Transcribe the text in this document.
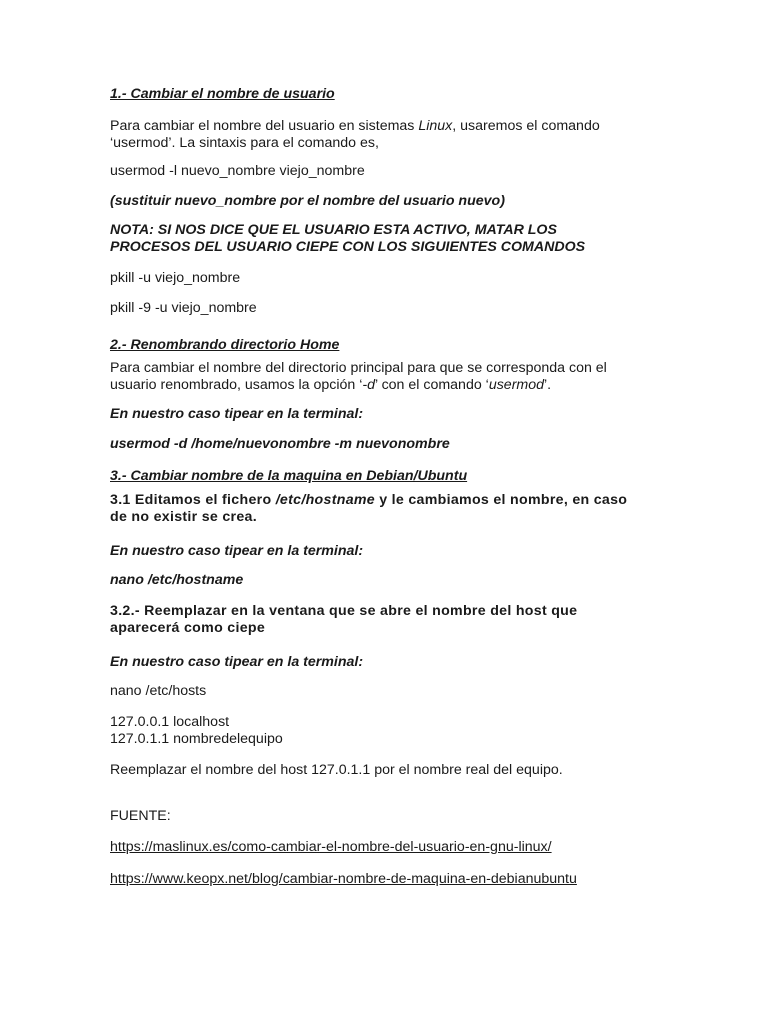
1.- Cambiar el nombre de usuario

Para cambiar el nombre del usuario en sistemas Linux, usaremos el comando
‘usermod’. La sintaxis para el comando es,

usermod -l nuevo_nombre viejo_nombre

(sustituir nuevo_nombre por el nombre del usuario nuevo)

NOTA: SI NOS DICE QUE EL USUARIO ESTA ACTIVO, MATAR LOS
PROCESOS DEL USUARIO CIEPE CON LOS SIGUIENTES COMANDOS

pkill -u viejo_nombre

pkill -9 -u viejo_nombre

2.- Renombrando directorio Home

Para cambiar el nombre del directorio principal para que se corresponda con el
usuario renombrado, usamos la opción ‘-d’ con el comando ‘usermod’.

En nuestro caso tipear en la terminal:

usermod -d /home/nuevonombre -m nuevonombre

3.- Cambiar nombre de la maquina en Debian/Ubuntu

3.1 Editamos el fichero /etc/hostname y le cambiamos el nombre, en caso
de no existir se crea.

En nuestro caso tipear en la terminal:

nano /etc/hostname

3.2.- Reemplazar en la ventana que se abre el nombre del host que
aparecerá como ciepe

En nuestro caso tipear en la terminal:

nano /etc/hosts

127.0.0.1 localhost
127.0.1.1 nombredelequipo

Reemplazar el nombre del host 127.0.1.1 por el nombre real del equipo.

FUENTE:

https://maslinux.es/como-cambiar-el-nombre-del-usuario-en-gnu-linux/

https://www.keopx.net/blog/cambiar-nombre-de-maquina-en-debianubuntu
